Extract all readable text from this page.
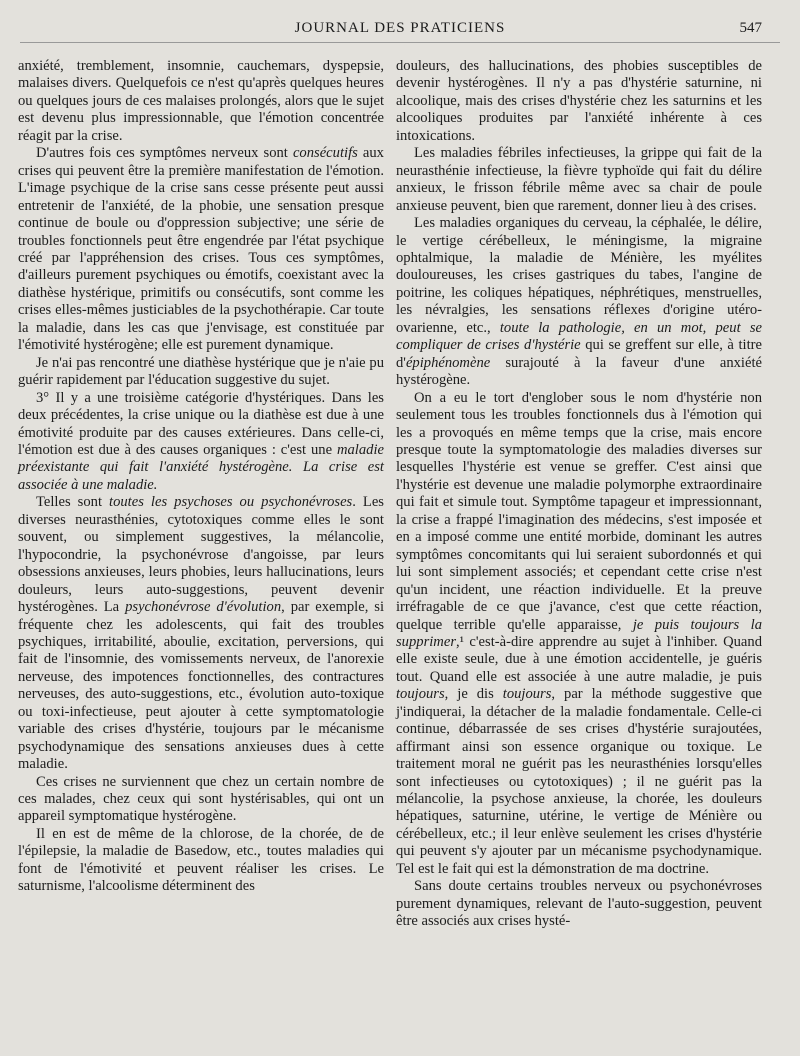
JOURNAL DES PRATICIENS	547

anxiété, tremblement, insomnie, cauchemars, dyspepsie, malaises divers. Quelquefois ce n'est qu'après quelques heures ou quelques jours de ces malaises prolongés, alors que le sujet est devenu plus impressionnable, que l'émotion concentrée réagit par la crise.

D'autres fois ces symptômes nerveux sont consécutifs aux crises qui peuvent être la première manifestation de l'émotion. L'image psychique de la crise sans cesse présente peut aussi entretenir de l'anxiété, de la phobie, une sensation presque continue de boule ou d'oppression subjective; une série de troubles fonctionnels peut être engendrée par l'état psychique créé par l'appréhension des crises. Tous ces symptômes, d'ailleurs purement psychiques ou émotifs, coexistant avec la diathèse hystérique, primitifs ou consécutifs, sont comme les crises elles-mêmes justiciables de la psychothérapie. Car toute la maladie, dans les cas que j'envisage, est constituée par l'émotivité hystérogène; elle est purement dynamique.

Je n'ai pas rencontré une diathèse hystérique que je n'aie pu guérir rapidement par l'éducation suggestive du sujet.

3° Il y a une troisième catégorie d'hystériques. Dans les deux précédentes, la crise unique ou la diathèse est due à une émotivité produite par des causes extérieures. Dans celle-ci, l'émotion est due à des causes organiques : c'est une maladie préexistante qui fait l'anxiété hystérogène. La crise est associée à une maladie.

Telles sont toutes les psychoses ou psychonévroses. Les diverses neurasthénies, cytotoxiques comme elles le sont souvent, ou simplement suggestives, la mélancolie, l'hypocondrie, la psychonévrose d'angoisse, par leurs obsessions anxieuses, leurs phobies, leurs hallucinations, leurs douleurs, leurs auto-suggestions, peuvent devenir hystérogènes. La psychonévrose d'évolution, par exemple, si fréquente chez les adolescents, qui fait des troubles psychiques, irritabilité, aboulie, excitation, perversions, qui fait de l'insomnie, des vomissements nerveux, de l'anorexie nerveuse, des impotences fonctionnelles, des contractures nerveuses, des auto-suggestions, etc., évolution auto-toxique ou toxi-infectieuse, peut ajouter à cette symptomatologie variable des crises d'hystérie, toujours par le mécanisme psychodynamique des sensations anxieuses dues à cette maladie.

Ces crises ne surviennent que chez un certain nombre de ces malades, chez ceux qui sont hystérisables, qui ont un appareil symptomatique hystérogène.

Il en est de même de la chlorose, de la chorée, de de l'épilepsie, la maladie de Basedow, etc., toutes maladies qui font de l'émotivité et peuvent réaliser les crises. Le saturnisme, l'alcoolisme déterminent des

douleurs, des hallucinations, des phobies susceptibles de devenir hystérogènes. Il n'y a pas d'hystérie saturnine, ni alcoolique, mais des crises d'hystérie chez les saturnins et les alcooliques produites par l'anxiété inhérente à ces intoxications.

Les maladies fébriles infectieuses, la grippe qui fait de la neurasthénie infectieuse, la fièvre typhoïde qui fait du délire anxieux, le frisson fébrile même avec sa chair de poule anxieuse peuvent, bien que rarement, donner lieu à des crises.

Les maladies organiques du cerveau, la céphalée, le délire, le vertige cérébelleux, le méningisme, la migraine ophtalmique, la maladie de Ménière, les myélites douloureuses, les crises gastriques du tabes, l'angine de poitrine, les coliques hépatiques, néphrétiques, menstruelles, les névralgies, les sensations réflexes d'origine utéro-ovarienne, etc., toute la pathologie, en un mot, peut se compliquer de crises d'hystérie qui se greffent sur elle, à titre d'épiphénomène surajouté à la faveur d'une anxiété hystérogène.

On a eu le tort d'englober sous le nom d'hystérie non seulement tous les troubles fonctionnels dus à l'émotion qui les a provoqués en même temps que la crise, mais encore presque toute la symptomatologie des maladies diverses sur lesquelles l'hystérie est venue se greffer. C'est ainsi que l'hystérie est devenue une maladie polymorphe extraordinaire qui fait et simule tout. Symptôme tapageur et impressionnant, la crise a frappé l'imagination des médecins, s'est imposée et en a imposé comme une entité morbide, dominant les autres symptômes concomitants qui lui seraient subordonnés et qui lui sont simplement associés; et cependant cette crise n'est qu'un incident, une réaction individuelle. Et la preuve irréfragable de ce que j'avance, c'est que cette réaction, quelque terrible qu'elle apparaisse, je puis toujours la supprimer,¹ c'est-à-dire apprendre au sujet à l'inhiber. Quand elle existe seule, due à une émotion accidentelle, je guéris tout. Quand elle est associée à une autre maladie, je puis toujours, je dis toujours, par la méthode suggestive que j'indiquerai, la détacher de la maladie fondamentale. Celle-ci continue, débarrassée de ses crises d'hystérie surajoutées, affirmant ainsi son essence organique ou toxique. Le traitement moral ne guérit pas les neurasthénies lorsqu'elles sont infectieuses ou cytotoxiques) ; il ne guérit pas la mélancolie, la psychose anxieuse, la chorée, les douleurs hépatiques, saturnine, utérine, le vertige de Ménière ou cérébelleux, etc.; il leur enlève seulement les crises d'hystérie qui peuvent s'y ajouter par un mécanisme psychodynamique. Tel est le fait qui est la démonstration de ma doctrine.

Sans doute certains troubles nerveux ou psychonévroses purement dynamiques, relevant de l'auto-suggestion, peuvent être associés aux crises hysté-
